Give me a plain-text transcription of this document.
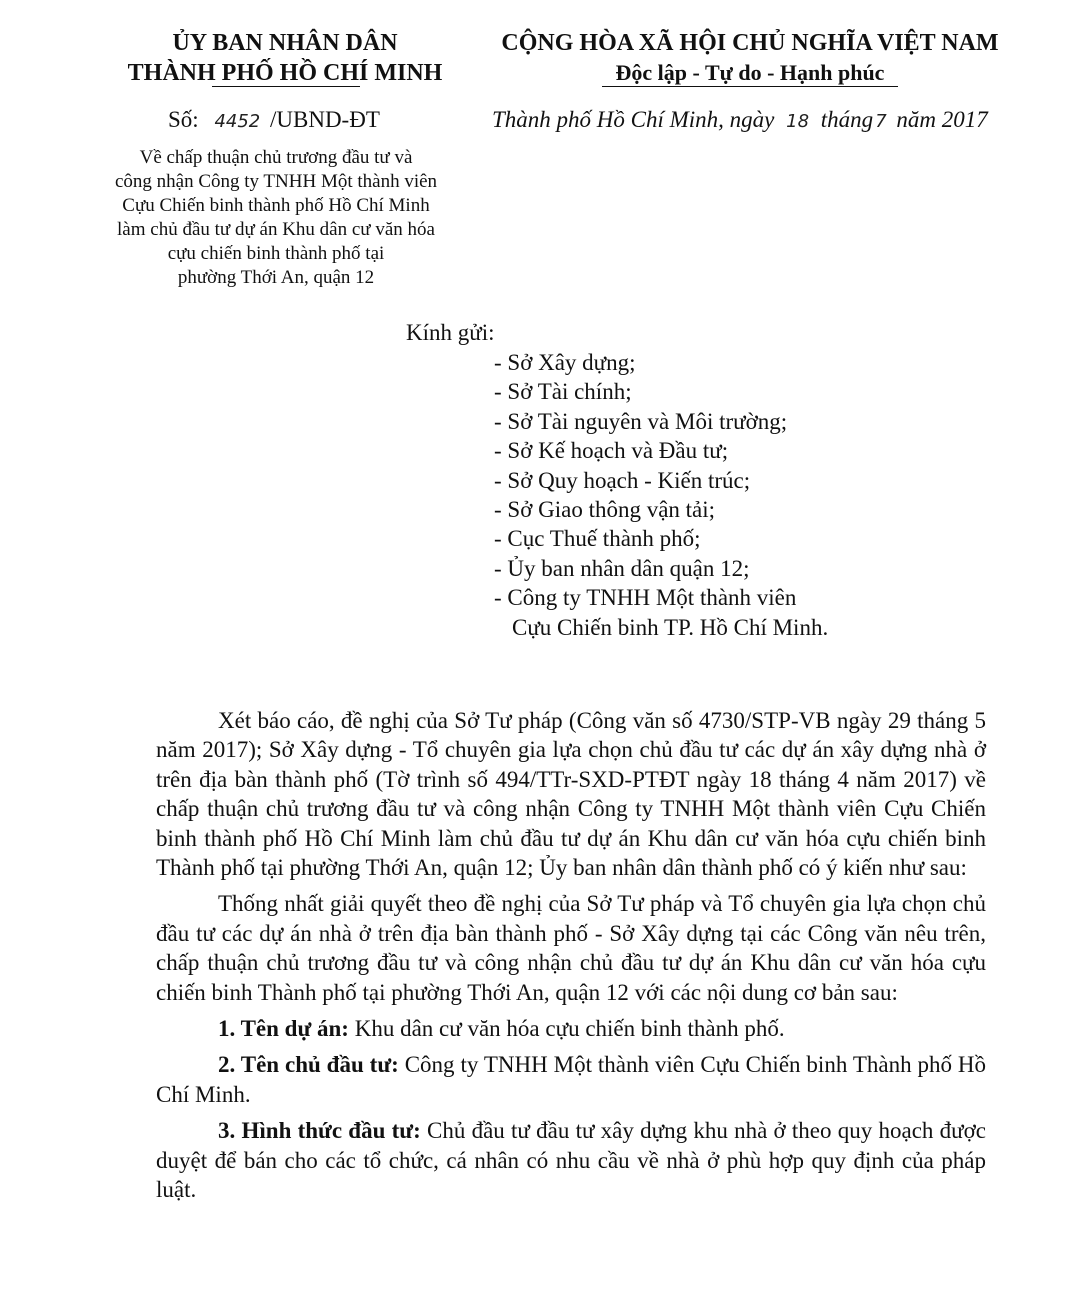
ỦY BAN NHÂN DÂN
THÀNH PHỐ HỒ CHÍ MINH
CỘNG HÒA XÃ HỘI CHỦ NGHĨA VIỆT NAM
Độc lập - Tự do - Hạnh phúc
Số: 4452 /UBND-ĐT	Thành phố Hồ Chí Minh, ngày 18 tháng 7 năm 2017
Về chấp thuận chủ trương đầu tư và
công nhận Công ty TNHH Một thành viên
Cựu Chiến binh thành phố Hồ Chí Minh
làm chủ đầu tư dự án Khu dân cư văn hóa
cựu chiến binh thành phố tại
phường Thới An, quận 12
Kính gửi:
- Sở Xây dựng;
- Sở Tài chính;
- Sở Tài nguyên và Môi trường;
- Sở Kế hoạch và Đầu tư;
- Sở Quy hoạch - Kiến trúc;
- Sở Giao thông vận tải;
- Cục Thuế thành phố;
- Ủy ban nhân dân quận 12;
- Công ty TNHH Một thành viên
Cựu Chiến binh TP. Hồ Chí Minh.

Xét báo cáo, đề nghị của Sở Tư pháp (Công văn số 4730/STP-VB ngày 29 tháng 5 năm 2017); Sở Xây dựng - Tổ chuyên gia lựa chọn chủ đầu tư các dự án xây dựng nhà ở trên địa bàn thành phố (Tờ trình số 494/TTr-SXD-PTĐT ngày 18 tháng 4 năm 2017) về chấp thuận chủ trương đầu tư và công nhận Công ty TNHH Một thành viên Cựu Chiến binh thành phố Hồ Chí Minh làm chủ đầu tư dự án Khu dân cư văn hóa cựu chiến binh Thành phố tại phường Thới An, quận 12; Ủy ban nhân dân thành phố có ý kiến như sau:

Thống nhất giải quyết theo đề nghị của Sở Tư pháp và Tổ chuyên gia lựa chọn chủ đầu tư các dự án nhà ở trên địa bàn thành phố - Sở Xây dựng tại các Công văn nêu trên, chấp thuận chủ trương đầu tư và công nhận chủ đầu tư dự án Khu dân cư văn hóa cựu chiến binh Thành phố tại phường Thới An, quận 12 với các nội dung cơ bản sau:

1. Tên dự án: Khu dân cư văn hóa cựu chiến binh thành phố.

2. Tên chủ đầu tư: Công ty TNHH Một thành viên Cựu Chiến binh Thành phố Hồ Chí Minh.

3. Hình thức đầu tư: Chủ đầu tư đầu tư xây dựng khu nhà ở theo quy hoạch được duyệt để bán cho các tổ chức, cá nhân có nhu cầu về nhà ở phù hợp quy định của pháp luật.
